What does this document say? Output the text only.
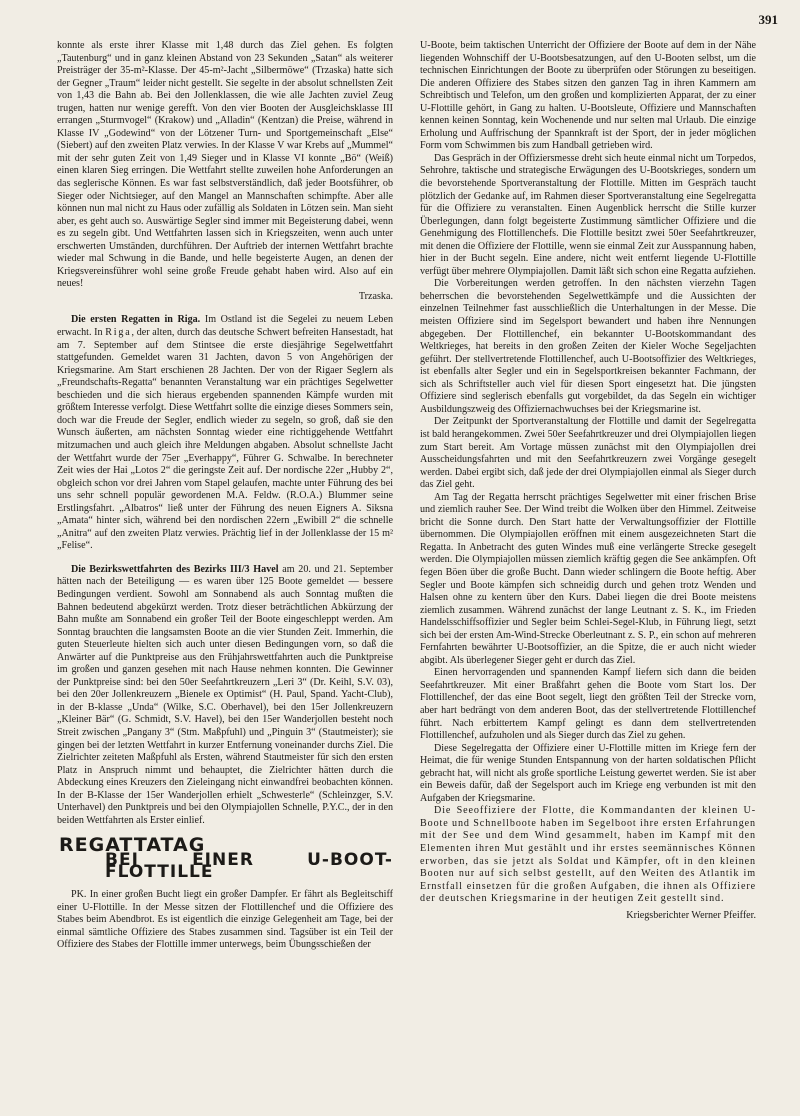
391

konnte als erste ihrer Klasse mit 1,48 durch das Ziel gehen. Es folgten „Tautenburg“ und in ganz kleinen Abstand von 23 Sekunden „Satan“ als weiterer Preisträger der 35-m²-Klasse. Der 45-m²-Jacht „Silbermöwe“ (Trzaska) hatte sich der Gegner „Traum“ leider nicht gestellt. Sie segelte in der absolut schnellsten Zeit von 1,43 die Bahn ab. Bei den Jollenklassen, die wie alle Jachten zuviel Zeug trugen, hatten nur wenige gerefft. Von den vier Booten der Ausgleichsklasse III errangen „Sturmvogel“ (Krakow) und „Alladin“ (Kentzan) die Preise, während in Klasse IV „Godewind“ von der Lötzener Turn- und Sportgemeinschaft „Else“ (Siebert) auf den zweiten Platz verwies. In der Klasse V war Krebs auf „Mummel“ mit der sehr guten Zeit von 1,49 Sieger und in Klasse VI konnte „Bö“ (Weiß) einen klaren Sieg erringen. Die Wettfahrt stellte zuweilen hohe Anforderungen an das seglerische Können. Es war fast selbstverständlich, daß jeder Bootsführer, ob Sieger oder Nichtsieger, auf den Mangel an Mannschaften schimpfte. Aber alle können nun mal nicht zu Haus oder zufällig als Soldaten in Lötzen sein. Man sieht aber, es geht auch so. Auswärtige Segler sind immer mit Begeisterung dabei, wenn es zu segeln gibt. Und Wettfahrten lassen sich in Kriegszeiten, wenn auch unter erschwerten Umständen, durchführen. Der Auftrieb der internen Wettfahrt brachte wieder mal Schwung in die Bande, und helle begeisterte Augen, an denen der Kriegsvereinsführer wohl seine große Freude gehabt haben wird. Also auf ein neues!

Trzaska.

Die ersten Regatten in Riga. Im Ostland ist die Segelei zu neuem Leben erwacht. In Riga, der alten, durch das deutsche Schwert befreiten Hansestadt, hat am 7. September auf dem Stintsee die erste diesjährige Segelwettfahrt stattgefunden. Gemeldet waren 31 Jachten, davon 5 von Angehörigen der Kriegsmarine. Am Start erschienen 28 Jachten. Der von der Rigaer Seglern als „Freundschafts-Regatta“ benannten Veranstaltung war ein prächtiges Segelwetter beschieden und die sich hieraus ergebenden spannenden Kämpfe wurden mit größtem Interesse verfolgt. Diese Wettfahrt sollte die einzige dieses Sommers sein, doch war die Freude der Segler, endlich wieder zu segeln, so groß, daß sie den Wunsch äußerten, am nächsten Sonntag wieder eine richtiggehende Wettfahrt mitzumachen und auch gleich ihre Meldungen abgaben. Absolut schnellste Jacht der Wettfahrt wurde der 75er „Everhappy“, Führer G. Schwalbe. In berechneter Zeit wies der Hai „Lotos 2“ die geringste Zeit auf. Der nordische 22er „Hubby 2“, obgleich schon vor drei Jahren vom Stapel gelaufen, machte unter Führung des bei uns sehr schnell populär gewordenen M.A. Feldw. (R.O.A.) Blummer seine Erstlingsfahrt. „Albatros“ ließ unter der Führung des neuen Eigners A. Siksna „Amata“ hinter sich, während bei den nordischen 22ern „Ewibill 2“ die schnelle „Anitra“ auf den zweiten Platz verwies. Prächtig lief in der Jollenklasse der 15 m² „Felise“.

Die Bezirkswettfahrten des Bezirks III/3 Havel am 20. und 21. September hätten nach der Beteiligung — es waren über 125 Boote gemeldet — bessere Bedingungen verdient. Sowohl am Sonnabend als auch Sonntag mußten die Bahnen bedeutend abgekürzt werden. Trotz dieser beträchtlichen Abkürzung der Bahn mußte am Sonnabend ein großer Teil der Boote eingeschleppt werden. Am Sonntag brauchten die langsamsten Boote an die vier Stunden Zeit. Immerhin, die guten Steuerleute hielten sich auch unter diesen Bedingungen vorn, so daß die Anwärter auf die Punktpreise aus den Frühjahrswettfahrten auch die Punktpreise im großen und ganzen gesehen mit nach Hause nehmen konnten. Die Gewinner der Punktpreise sind: bei den 50er Seefahrtkreuzern „Leri 3“ (Dr. Keihl, S.V. 03), bei den 20er Jollenkreuzern „Bienele ex Optimist“ (H. Paul, Spand. Yacht-Club), in der B-klasse „Unda“ (Wilke, S.C. Oberhavel), bei den 15er Jollenkreuzern „Kleiner Bär“ (G. Schmidt, S.V. Havel), bei den 15er Wanderjollen besteht noch Streit zwischen „Pangany 3“ (Stm. Maßpfuhl) und „Pinguin 3“ (Stautmeister); sie gingen bei der letzten Wettfahrt in kurzer Entfernung voneinander durchs Ziel. Die Zielrichter zeiteten Maßpfuhl als Ersten, während Stautmeister für sich den ersten Platz in Anspruch nimmt und behauptet, die Zielrichter hätten durch die Abdeckung eines Kreuzers den Zieleingang nicht einwandfrei beobachten können. In der B-Klasse der 15er Wanderjollen erhielt „Schwesterle“ (Schleinzger, S.V. Unterhavel) den Punktpreis und bei den Olympiajollen Schnelle, P.Y.C., der in den beiden Wettfahrten als Erster einlief.

REGATTATAG
BEI EINER U-BOOT-FLOTTILLE

PK. In einer großen Bucht liegt ein großer Dampfer. Er fährt als Begleitschiff einer U-Flottille. In der Messe sitzen der Flottillenchef und die Offiziere des Stabes beim Abendbrot. Es ist eigentlich die einzige Gelegenheit am Tage, bei der einmal sämtliche Offiziere des Stabes zusammen sind. Tagsüber ist ein Teil der Offiziere des Stabes der Flottille immer unterwegs, beim Übungsschießen der

U-Boote, beim taktischen Unterricht der Offiziere der Boote auf dem in der Nähe liegenden Wohnschiff der U-Bootsbesatzungen, auf den U-Booten selbst, um die technischen Einrichtungen der Boote zu überprüfen oder Störungen zu beseitigen. Die anderen Offiziere des Stabes sitzen den ganzen Tag in ihren Kammern am Schreibtisch und Telefon, um den großen und komplizierten Apparat, der zu einer U-Flottille gehört, in Gang zu halten. U-Bootsleute, Offiziere und Mannschaften kennen keinen Sonntag, kein Wochenende und nur selten mal Urlaub. Die einzige Erholung und Auffrischung der Spannkraft ist der Sport, der in jeder möglichen Form vom Schwimmen bis zum Handball getrieben wird.

Das Gespräch in der Offiziersmesse dreht sich heute einmal nicht um Torpedos, Sehrohre, taktische und strategische Erwägungen des U-Bootskrieges, sondern um die bevorstehende Sportveranstaltung der Flottille. Mitten im Gespräch taucht plötzlich der Gedanke auf, im Rahmen dieser Sportveranstaltung eine Segelregatta für die Offiziere zu veranstalten. Einen Augenblick herrscht die Stille kurzer Überlegungen, dann folgt begeisterte Zustimmung sämtlicher Offiziere und die Genehmigung des Flottillenchefs. Die Flottille besitzt zwei 50er Seefahrtkreuzer, mit denen die Offiziere der Flottille, wenn sie einmal Zeit zur Ausspannung haben, hier in der Bucht segeln. Eine andere, nicht weit entfernt liegende U-Flottille verfügt über mehrere Olympiajollen. Damit läßt sich schon eine Regatta aufziehen.

Die Vorbereitungen werden getroffen. In den nächsten vierzehn Tagen beherrschen die bevorstehenden Segelwettkämpfe und die Aussichten der einzelnen Teilnehmer fast ausschließlich die Unterhaltungen in der Messe. Die meisten Offiziere sind im Segelsport bewandert und haben ihre Nennungen abgegeben. Der Flottillenchef, ein bekannter U-Bootskommandant des Weltkrieges, hat bereits in den großen Zeiten der Kieler Woche Segeljachten geführt. Der stellvertretende Flottillenchef, auch U-Bootsoffizier des Weltkrieges, ist ebenfalls alter Segler und ein in Segelsportkreisen bekannter Fachmann, der sich als Schriftsteller auch viel für diesen Sport eingesetzt hat. Die jüngsten Offiziere sind seglerisch ebenfalls gut vorgebildet, da das Segeln ein wichtiger Ausbildungszweig des Offiziernachwuchses bei der Kriegsmarine ist.

Der Zeitpunkt der Sportveranstaltung der Flottille und damit der Segelregatta ist bald herangekommen. Zwei 50er Seefahrtkreuzer und drei Olympiajollen liegen zum Start bereit. Am Vortage müssen zunächst mit den Olympiajollen drei Ausscheidungsfahrten und mit den Seefahrtkreuzern zwei Vorgänge gesegelt werden. Dabei ergibt sich, daß jede der drei Olympiajollen einmal als Sieger durch das Ziel geht.

Am Tag der Regatta herrscht prächtiges Segelwetter mit einer frischen Brise und ziemlich rauher See. Der Wind treibt die Wolken über den Himmel. Zeitweise bricht die Sonne durch. Den Start hatte der Verwaltungsoffizier der Flottille übernommen. Die Olympiajollen eröffnen mit einem ausgezeichneten Start die Regatta. In Anbetracht des guten Windes muß eine verlängerte Strecke gesegelt werden. Die Olympiajollen müssen ziemlich kräftig gegen die See ankämpfen. Oft fegen Böen über die große Bucht. Dann wieder schlingern die Boote heftig. Aber Segler und Boote kämpfen sich schneidig durch und gehen trotz Wenden und Halsen ohne zu kentern über den Kurs. Dabei liegen die drei Boote meistens ziemlich zusammen. Während zunächst der lange Leutnant z. S. K., im Frieden Handelsschiffsoffizier und Segler beim Schlei-Segel-Klub, in Führung liegt, setzt sich bei der ersten Am-Wind-Strecke Oberleutnant z. S. P., ein schon auf mehreren Fernfahrten bewährter U-Bootsoffizier, an die Spitze, die er auch nicht wieder abgibt. Als überlegener Sieger geht er durch das Ziel.

Einen hervorragenden und spannenden Kampf liefern sich dann die beiden Seefahrtkreuzer. Mit einer Braßfahrt gehen die Boote vom Start los. Der Flottillenchef, der das eine Boot segelt, liegt den größten Teil der Strecke vorn, aber hart bedrängt von dem anderen Boot, das der stellvertretende Flottillenchef führt. Nach erbittertem Kampf gelingt es dann dem stellvertretenden Flottillenchef, aufzuholen und als Sieger durch das Ziel zu gehen.

Diese Segelregatta der Offiziere einer U-Flottille mitten im Kriege fern der Heimat, die für wenige Stunden Entspannung von der harten soldatischen Pflicht gebracht hat, will nicht als große sportliche Leistung gewertet werden. Sie ist aber ein Beweis dafür, daß der Segelsport auch im Kriege eng verbunden ist mit den Aufgaben der Kriegsmarine.

Die Seeoffiziere der Flotte, die Kommandanten der kleinen U-Boote und Schnellboote haben im Segelboot ihre ersten Erfahrungen mit der See und dem Wind gesammelt, haben im Kampf mit den Elementen ihren Mut gestählt und ihr erstes seemännisches Können erworben, das sie jetzt als Soldat und Kämpfer, oft in den kleinen Booten nur auf sich selbst gestellt, auf den Weiten des Atlantik im Ernstfall einsetzen für die großen Aufgaben, die ihnen als Offiziere der deutschen Kriegsmarine in der heutigen Zeit gestellt sind.

Kriegsberichter Werner Pfeiffer.
